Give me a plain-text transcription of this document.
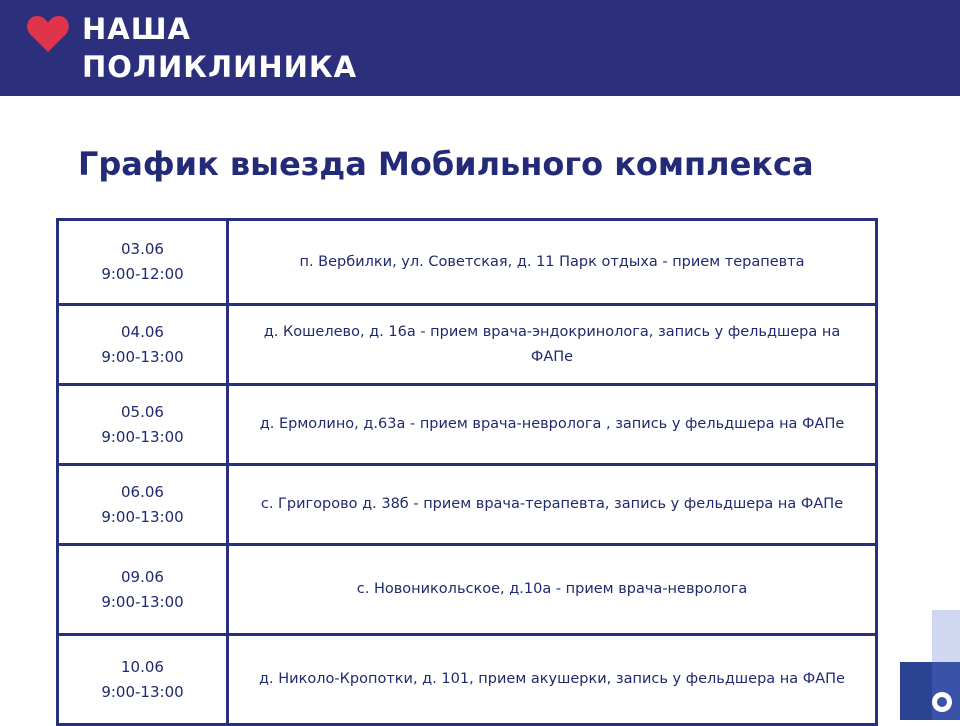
НАША
ПОЛИКЛИНИКА
График выезда Мобильного комплекса
03.06
9:00-12:00
п. Вербилки, ул. Советская, д. 11 Парк отдыха - прием терапевта
04.06
9:00-13:00
д. Кошелево, д. 16а - прием врача-эндокринолога, запись у фельдшера на ФАПе
05.06
9:00-13:00
д. Ермолино, д.63а - прием врача-невролога , запись у фельдшера на ФАПе
06.06
9:00-13:00
с. Григорово д. 38б - прием врача-терапевта, запись у фельдшера на ФАПе
09.06
9:00-13:00
с. Новоникольское, д.10а - прием врача-невролога
10.06
9:00-13:00
д. Николо-Кропотки, д. 101, прием акушерки, запись у фельдшера на ФАПе
